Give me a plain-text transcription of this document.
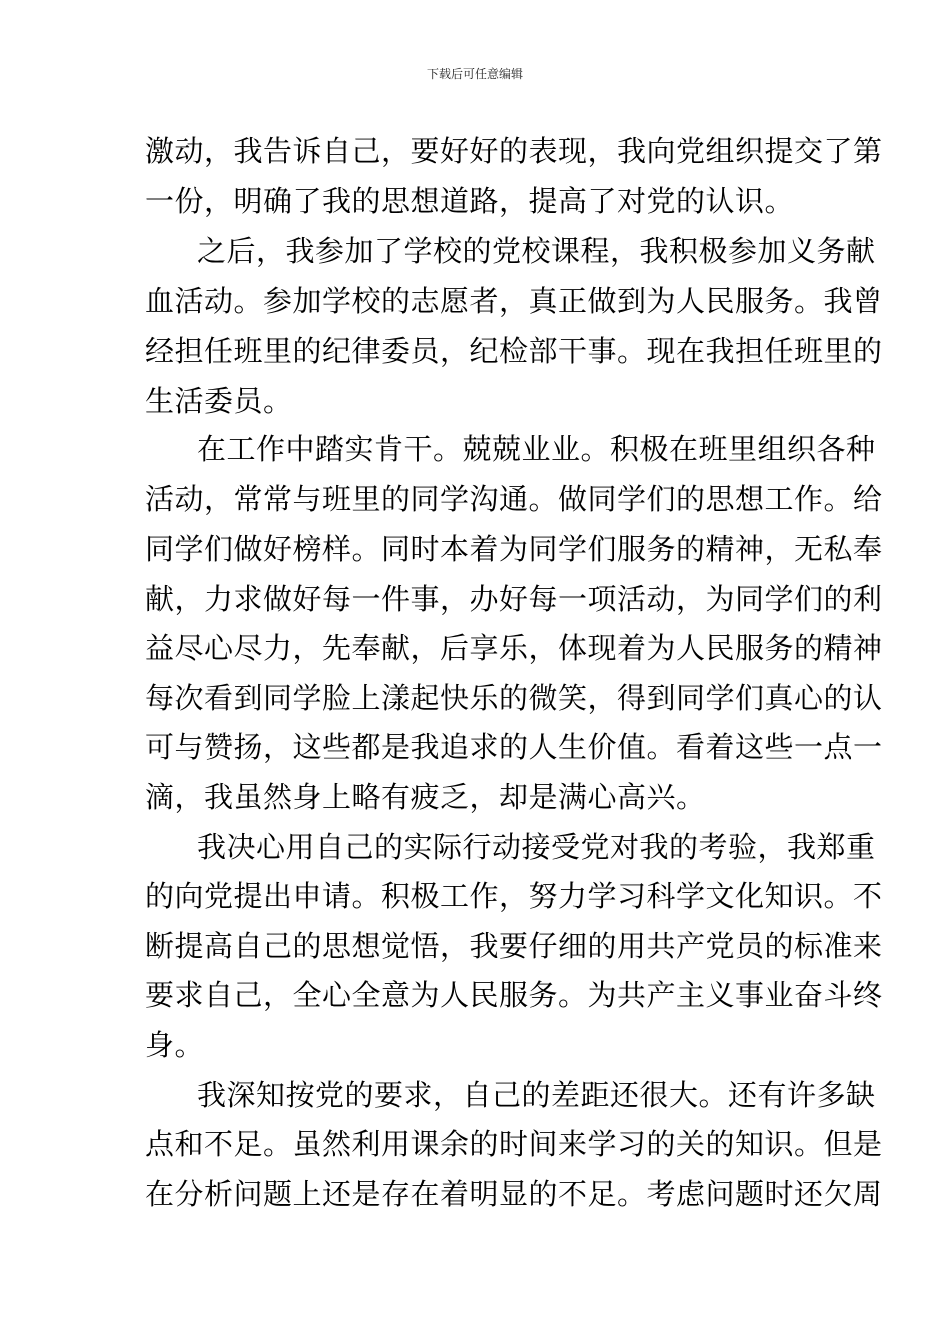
下载后可任意编辑
激动，我告诉自己，要好好的表现，我向党组织提交了第
一份，明确了我的思想道路，提高了对党的认识。
之后，我参加了学校的党校课程，我积极参加义务献
血活动。参加学校的志愿者，真正做到为人民服务。我曾
经担任班里的纪律委员，纪检部干事。现在我担任班里的
生活委员。
在工作中踏实肯干。兢兢业业。积极在班里组织各种
活动，常常与班里的同学沟通。做同学们的思想工作。给
同学们做好榜样。同时本着为同学们服务的精神，无私奉
献，力求做好每一件事，办好每一项活动，为同学们的利
益尽心尽力，先奉献，后享乐，体现着为人民服务的精神
每次看到同学脸上漾起快乐的微笑，得到同学们真心的认
可与赞扬，这些都是我追求的人生价值。看着这些一点一
滴，我虽然身上略有疲乏，却是满心高兴。
我决心用自己的实际行动接受党对我的考验，我郑重
的向党提出申请。积极工作，努力学习科学文化知识。不
断提高自己的思想觉悟，我要仔细的用共产党员的标准来
要求自己，全心全意为人民服务。为共产主义事业奋斗终
身。
我深知按党的要求，自己的差距还很大。还有许多缺
点和不足。虽然利用课余的时间来学习的关的知识。但是
在分析问题上还是存在着明显的不足。考虑问题时还欠周
